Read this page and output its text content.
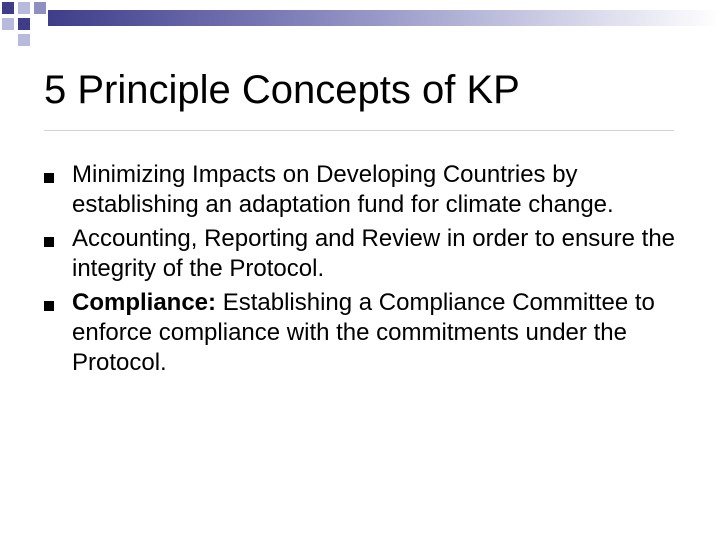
5 Principle Concepts of KP
Minimizing Impacts on Developing Countries by establishing an adaptation fund for climate change.
Accounting, Reporting and Review in order to ensure the integrity of the Protocol.
Compliance: Establishing a Compliance Committee to enforce compliance with the commitments under the Protocol.
